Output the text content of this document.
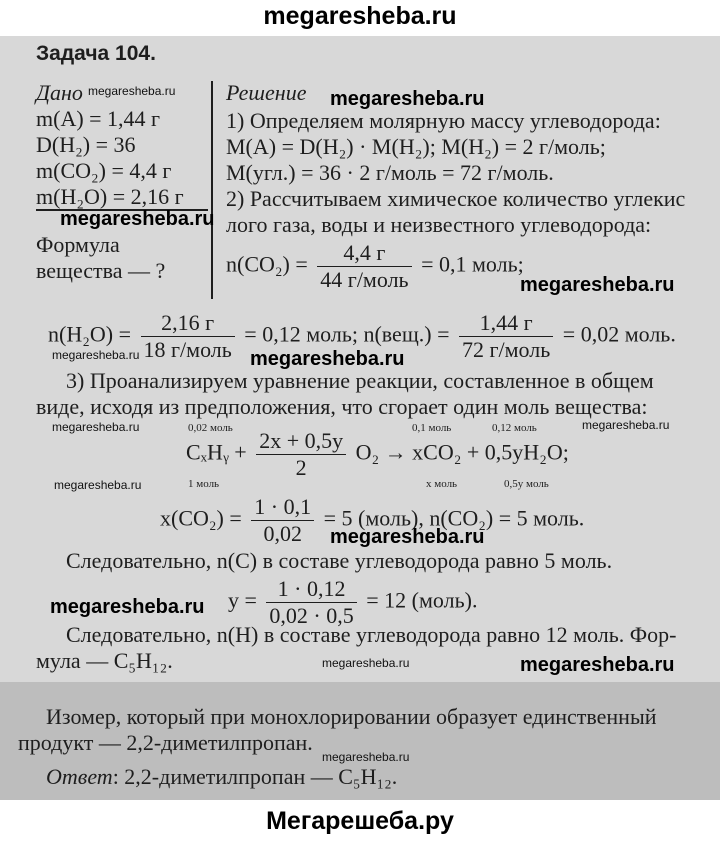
megaresheba.ru
Задача 104.
Дано megaresheba.ru
m(A) = 1,44 г
D(H₂) = 36
m(CO₂) = 4,4 г
m(H₂O) = 2,16 г
megaresheba.ru
Формула
вещества — ?
Решение megaresheba.ru
1) Определяем молярную массу углеводорода:
M(A) = D(H₂) · M(H₂); M(H₂) = 2 г/моль;
M(угл.) = 36 · 2 г/моль = 72 г/моль.
2) Рассчитываем химическое количество углекис
лого газа, воды и неизвестного углеводорода:
$n(CO_2) = \frac{4,4 г}{\text{44 г/моль}} = 0,1$ моль;
megaresheba.ru
$n(H_2O) = \frac{2,16 г}{\text{18 г/моль}} = 0,12$ моль; $n(вещ.) = \frac{1,44 г}{\text{72 г/моль}} = 0,02$ моль.
megaresheba.ru	megaresheba.ru
3) Проанализируем уравнение реакции, составленное в общем
виде, исходя из предположения, что сгорает один моль вещества:
megaresheba.ru	megaresheba.ru
0,02 моль	0,1 моль	0,12 моль
CₓHᵧ + $\frac{2x + 0,5y}{2} O_2 \to xCO_2 + 0,5yH_2O$;
megaresheba.ru	1 моль	x моль	0,5y моль
$x(CO_2) = \frac{1 \cdot 0,1}{0,02} = 5$ (моль), n(CO₂) = 5 моль.
megaresheba.ru
Следовательно, n(C) в составе углеводорода равно 5 моль.
$y = \frac{1 \cdot 0,12}{0,02 \cdot 0,5} = 12$ (моль).
megaresheba.ru
Следовательно, n(H) в составе углеводорода равно 12 моль. Фор-
мула — C₅H₁₂.	megaresheba.ru	megaresheba.ru
Изомер, который при монохлорировании образует единственный
продукт — 2,2-диметилпропан.
megaresheba.ru
Ответ: 2,2-диметилпропан — C₅H₁₂.
Мегарешеба.ру
